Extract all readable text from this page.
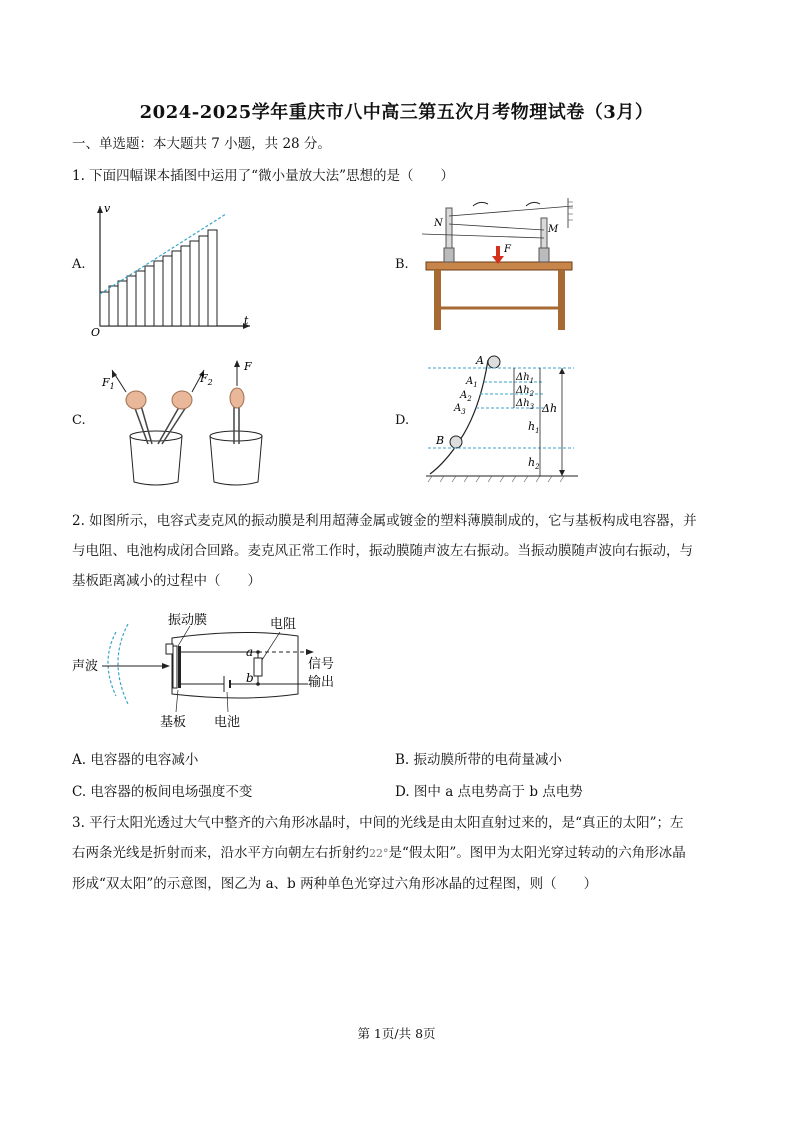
2024-2025学年重庆市八中高三第五次月考物理试卷（3月）
一、单选题：本大题共 7 小题，共 28 分。
1. 下面四幅课本插图中运用了“微小量放大法”思想的是（　　）
A.	B.
C.	D.
v
t
O
N
M
F
$F_1$
$F_2$
F	A
$A_1$
$A_2$
$A_3$
B
$\Delta h_1$
$\Delta h_2$
$\Delta h_3$ Δh
$h_1$
$h_2$
2. 如图所示，电容式麦克风的振动膜是利用超薄金属或镀金的塑料薄膜制成的，它与基板构成电容器，并
与电阻、电池构成闭合回路。麦克风正常工作时，振动膜随声波左右振动。当振动膜随声波向右振动，与
基板距离减小的过程中（　　）
声波
振动膜	电阻
a
b
信号
输出
基板 电池
A. 电容器的电容减小	B. 振动膜所带的电荷量减小
C. 电容器的板间电场强度不变	D. 图中 a 点电势高于 b 点电势
3. 平行太阳光透过大气中整齐的六角形冰晶时，中间的光线是由太阳直射过来的，是“真正的太阳”；左
右两条光线是折射而来，沿水平方向朝左右折射约22°是“假太阳”。图甲为太阳光穿过转动的六角形冰晶
形成“双太阳”的示意图，图乙为 a、b 两种单色光穿过六角形冰晶的过程图，则（　　）
第 1页/共 8页
